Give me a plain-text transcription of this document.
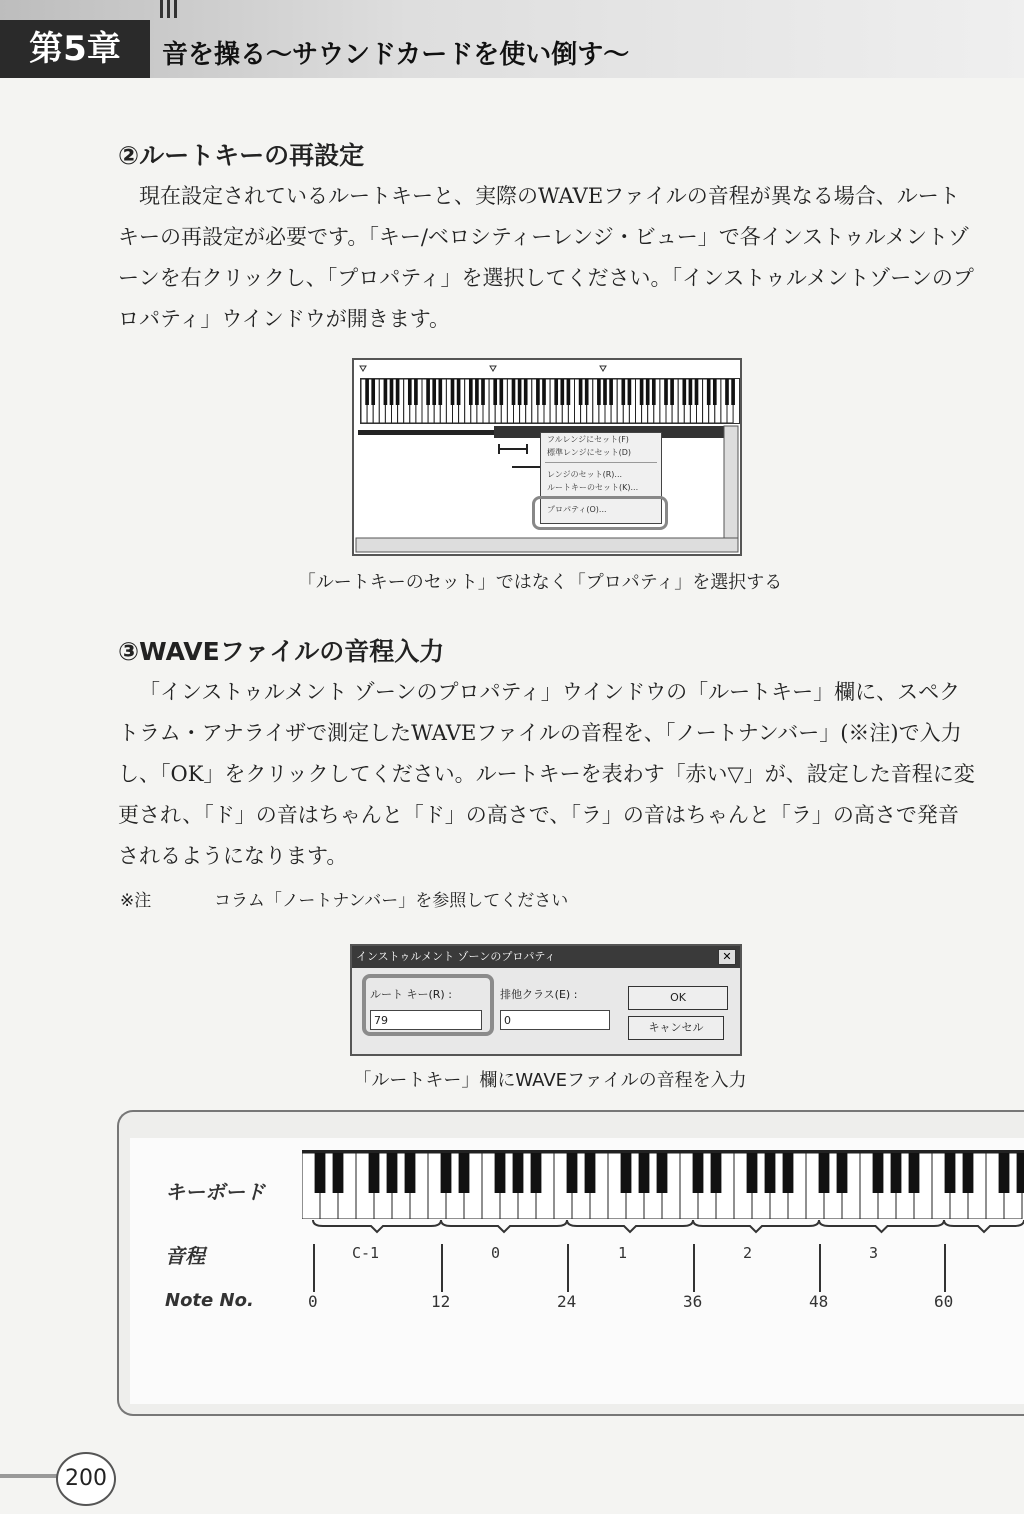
第5章	音を操る〜サウンドカードを使い倒す〜
②ルートキーの再設定

現在設定されているルートキーと、実際のWAVEファイルの音程が異なる場合、ルートキーの再設定が必要です。「キー/ベロシティーレンジ・ビュー」で各インストゥルメントゾーンを右クリックし、「プロパティ」を選択してください。「インストゥルメントゾーンのプロパティ」ウインドウが開きます。

フルレンジにセット(F)
標準レンジにセット(D)
レンジのセット(R)...
ルートキーのセット(K)...
プロパティ(O)...
「ルートキーのセット」ではなく「プロパティ」を選択する
③WAVEファイルの音程入力

「インストゥルメント ゾーンのプロパティ」ウインドウの「ルートキー」欄に、スペクトラム・アナライザで測定したWAVEファイルの音程を、「ノートナンバー」(※注)で入力し、「OK」をクリックしてください。ルートキーを表わす「赤い▽」が、設定した音程に変更され、「ド」の音はちゃんと「ド」の高さで、「ラ」の音はちゃんと「ラ」の高さで発音されるようになります。

※注	コラム「ノートナンバー」を参照してください
インストゥルメント ゾーンのプロパティ	✕
ルート キー(R) :
79
排他クラス(E) :
0
OK
キャンセル
「ルートキー」欄にWAVEファイルの音程を入力
キーボード
音程
Note No.
C-1	0	1	2	3
0	12	24	36	48	60
200
